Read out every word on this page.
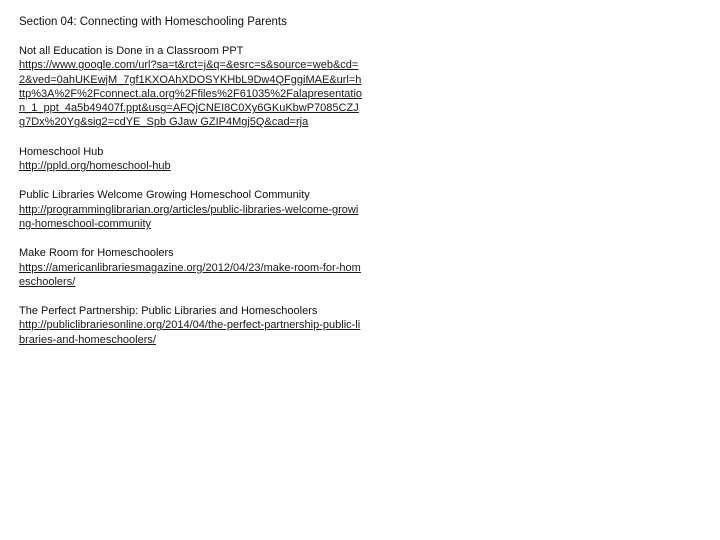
Section 04: Connecting with Homeschooling Parents
Not all Education is Done in a Classroom PPT
https://www.google.com/url?sa=t&rct=j&q=&esrc=s&source=web&cd=2&ved=0ahUKEwjM_7gf1KXOAhXDOSYKHbL9Dw4QFggiMAE&url=http%3A%2F%2Fconnect.ala.org%2Ffiles%2F61035%2Falapresentation_1_ppt_4a5b49407f.ppt&usg=AFQjCNEI8C0Xy6GKuKbwP7085CZJg7Dx%20Yg&sig2=cdYE_Spb GJaw GZIP4Mgj5Q&cad=rja
Homeschool Hub
http://ppld.org/homeschool-hub
Public Libraries Welcome Growing Homeschool Community
http://programminglibrarian.org/articles/public-libraries-welcome-growing-homeschool-community
Make Room for Homeschoolers
https://americanlibrariesmagazine.org/2012/04/23/make-room-for-homeschoolers/
The Perfect Partnership: Public Libraries and Homeschoolers
http://publiclibrariesonline.org/2014/04/the-perfect-partnership-public-libraries-and-homeschoolers/
